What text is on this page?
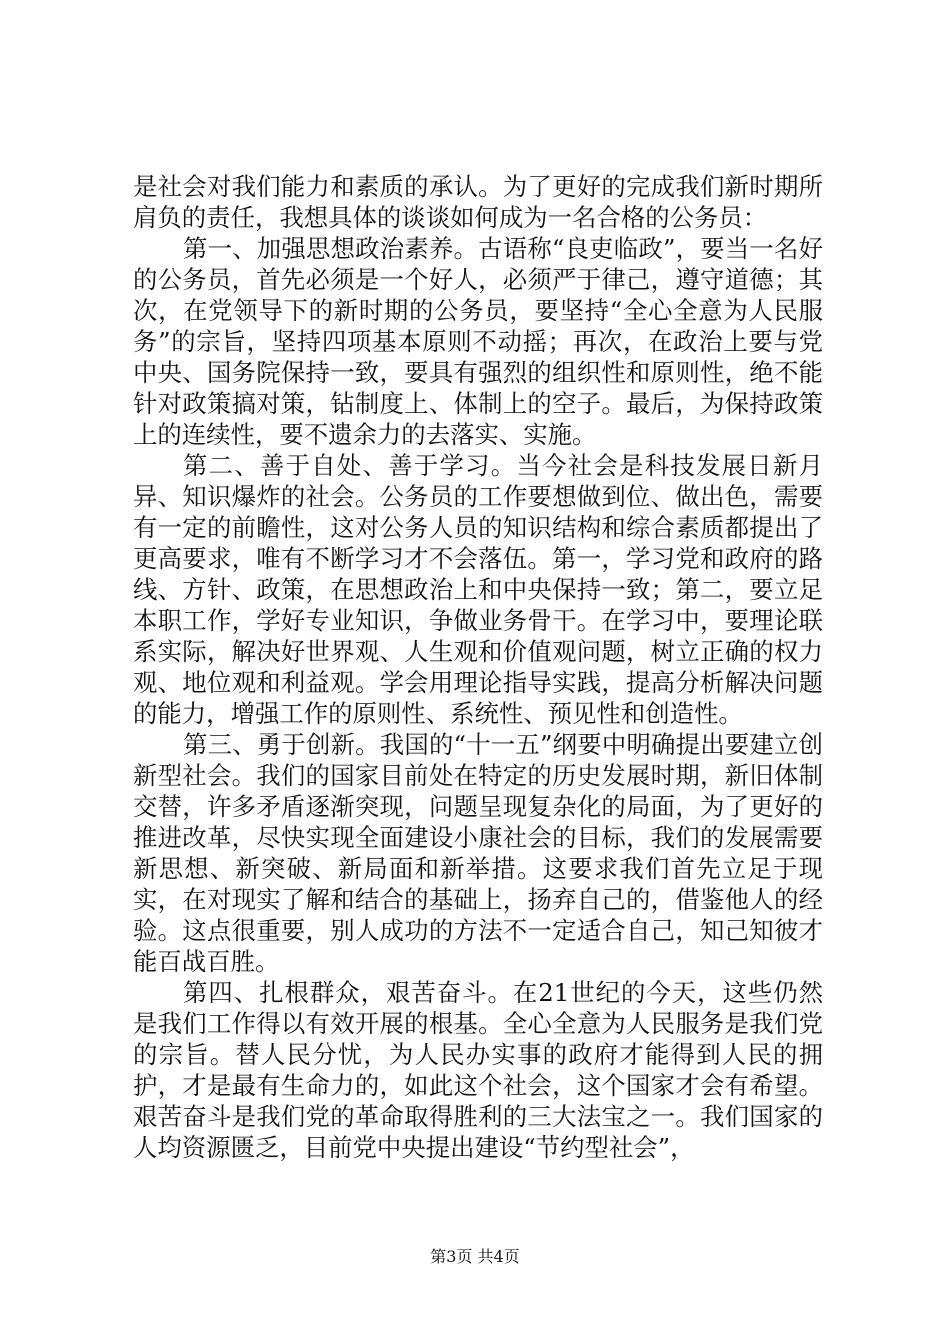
是社会对我们能力和素质的承认。为了更好的完成我们新时期所肩负的责任，我想具体的谈谈如何成为一名合格的公务员：

第一、加强思想政治素养。古语称“良吏临政”，要当一名好的公务员，首先必须是一个好人，必须严于律己，遵守道德；其次，在党领导下的新时期的公务员，要坚持“全心全意为人民服务”的宗旨，坚持四项基本原则不动摇；再次，在政治上要与党中央、国务院保持一致，要具有强烈的组织性和原则性，绝不能针对政策搞对策，钻制度上、体制上的空子。最后，为保持政策上的连续性，要不遗余力的去落实、实施。

第二、善于自处、善于学习。当今社会是科技发展日新月异、知识爆炸的社会。公务员的工作要想做到位、做出色，需要有一定的前瞻性，这对公务人员的知识结构和综合素质都提出了更高要求，唯有不断学习才不会落伍。第一，学习党和政府的路线、方针、政策，在思想政治上和中央保持一致；第二，要立足本职工作，学好专业知识，争做业务骨干。在学习中，要理论联系实际，解决好世界观、人生观和价值观问题，树立正确的权力观、地位观和利益观。学会用理论指导实践，提高分析解决问题的能力，增强工作的原则性、系统性、预见性和创造性。

第三、勇于创新。我国的“十一五”纲要中明确提出要建立创新型社会。我们的国家目前处在特定的历史发展时期，新旧体制交替，许多矛盾逐渐突现，问题呈现复杂化的局面，为了更好的推进改革，尽快实现全面建设小康社会的目标，我们的发展需要新思想、新突破、新局面和新举措。这要求我们首先立足于现实，在对现实了解和结合的基础上，扬弃自己的，借鉴他人的经验。这点很重要，别人成功的方法不一定适合自己，知己知彼才能百战百胜。

第四、扎根群众，艰苦奋斗。在21世纪的今天，这些仍然是我们工作得以有效开展的根基。全心全意为人民服务是我们党的宗旨。替人民分忧，为人民办实事的政府才能得到人民的拥护，才是最有生命力的，如此这个社会，这个国家才会有希望。艰苦奋斗是我们党的革命取得胜利的三大法宝之一。我们国家的人均资源匮乏，目前党中央提出建设“节约型社会”，

第3页 共4页
